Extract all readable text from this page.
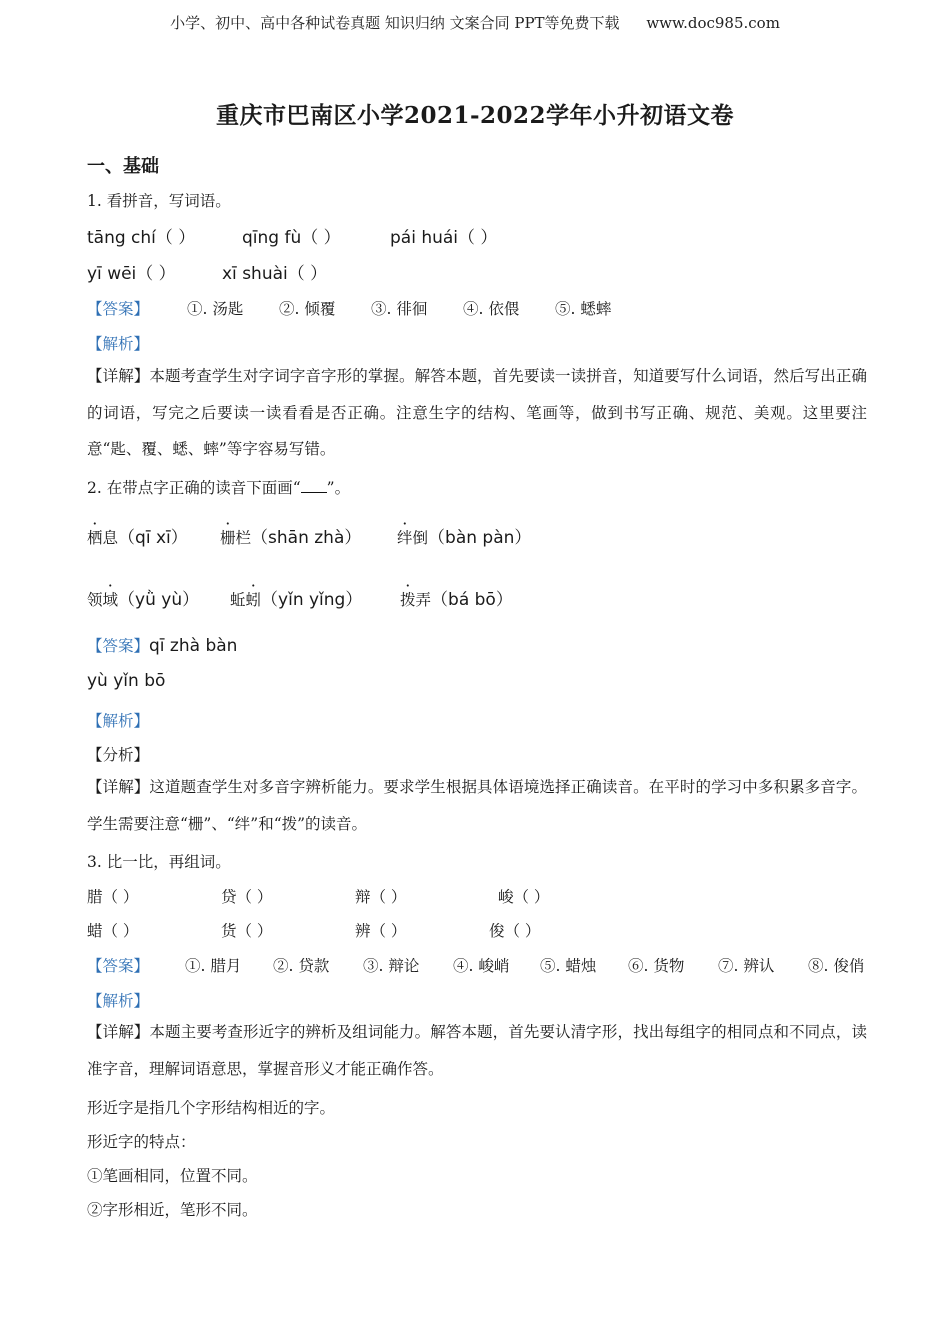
小学、初中、高中各种试卷真题 知识归纳 文案合同 PPT等免费下载 www.doc985.com
重庆市巴南区小学2021-2022学年小升初语文卷
一、基础
1. 看拼音，写词语。
tāng chí（ ）	qīng fù（ ）	pái huái（ ）
yī wēi（ ）	xī shuài（ ）
【答案】 ①. 汤匙 ②. 倾覆 ③. 徘徊 ④. 依偎 ⑤. 蟋蟀
【解析】
【详解】本题考查学生对字词字音字形的掌握。解答本题，首先要读一读拼音，知道要写什么词语，然后写出正确的词语，写完之后要读一读看看是否正确。注意生字的结构、笔画等，做到书写正确、规范、美观。这里要注意“匙、覆、蟋、蟀”等字容易写错。
2. 在带点字正确的读音下面画“ ”。
栖息（qī xī） 栅栏（shān zhà） 绊倒（bàn pàn）
领域（yǜ yù） 蚯蚓（yǐn yǐng） 拨弄（bá bō）
【答案】qī zhà bàn
yù yǐn bō
【解析】
【分析】
【详解】这道题查学生对多音字辨析能力。要求学生根据具体语境选择正确读音。在平时的学习中多积累多音字。学生需要注意“栅”、“绊”和“拨”的读音。
3. 比一比，再组词。
腊（ ）	贷（ ）	辩（ ）	峻（ ）
蜡（ ）	货（ ）	辨（ ）	俊（ ）
【答案】 ①. 腊月 ②. 贷款 ③. 辩论 ④. 峻峭 ⑤. 蜡烛 ⑥. 货物 ⑦. 辨认 ⑧. 俊俏
【解析】
【详解】本题主要考查形近字的辨析及组词能力。解答本题，首先要认清字形，找出每组字的相同点和不同点，读准字音，理解词语意思，掌握音形义才能正确作答。
形近字是指几个字形结构相近的字。
形近字的特点：
①笔画相同，位置不同。
②字形相近，笔形不同。
